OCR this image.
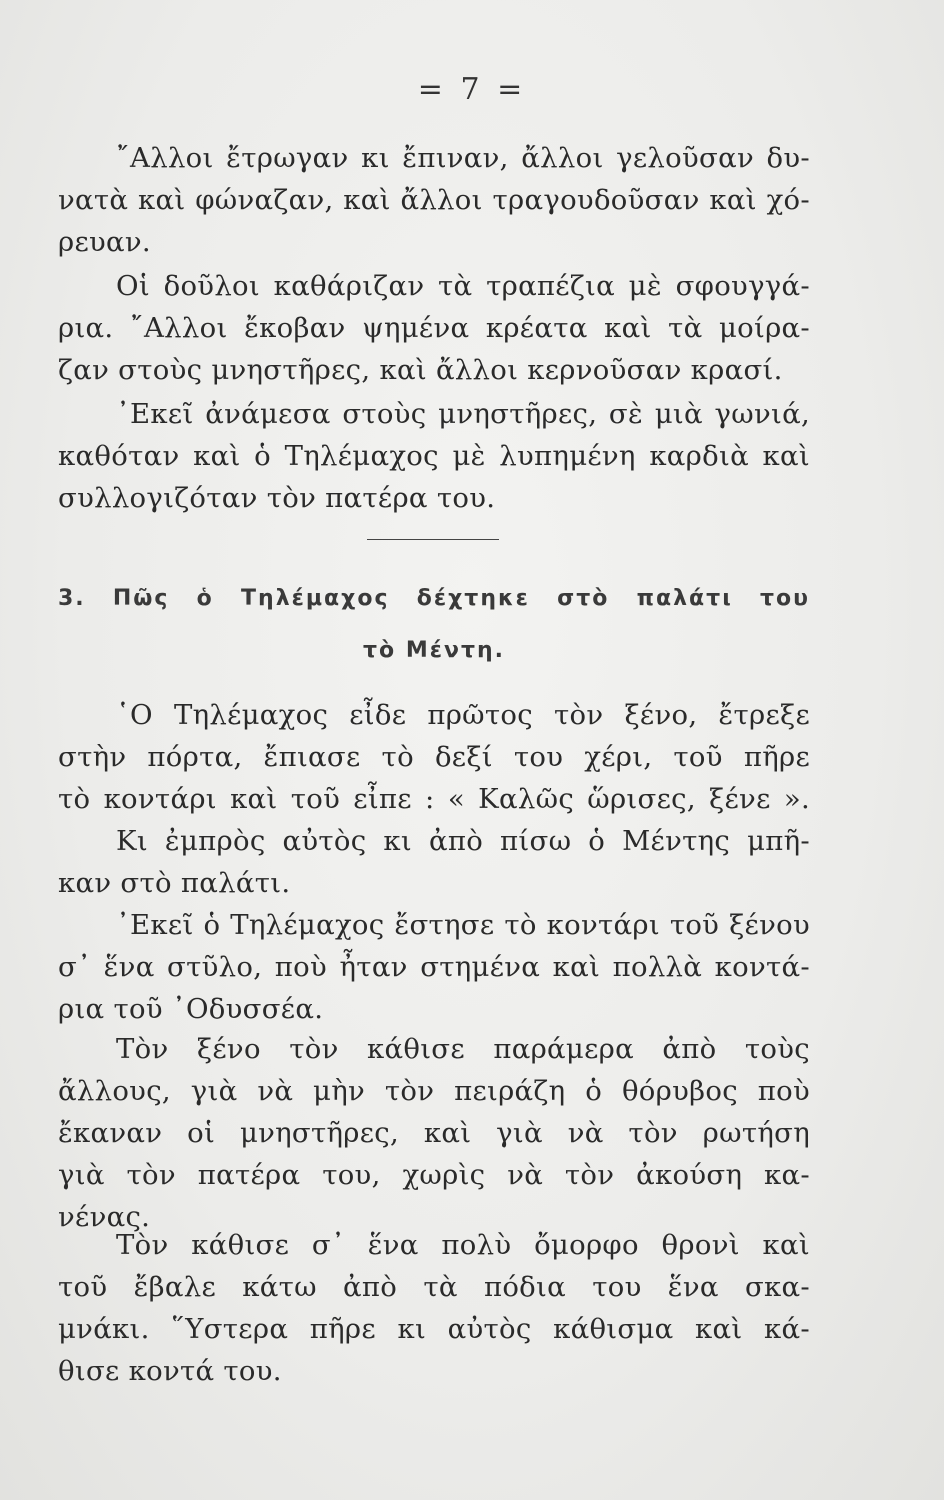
= 7 =
῎Αλλοι ἔτρωγαν κι ἔπιναν, ἄλλοι γελοῦσαν δυ-
νατὰ καὶ φώναζαν, καὶ ἄλλοι τραγουδοῦσαν καὶ χό-
ρευαν.
Οἱ δοῦλοι καθάριζαν τὰ τραπέζια μὲ σφουγγά-
ρια. ῎Αλλοι ἔκοβαν ψημένα κρέατα καὶ τὰ μοίρα-
ζαν στοὺς μνηστῆρες, καὶ ἄλλοι κερνοῦσαν κρασί.
᾿Εκεῖ ἀνάμεσα στοὺς μνηστῆρες, σὲ μιὰ γωνιά,
καθόταν καὶ ὁ Τηλέμαχος μὲ λυπημένη καρδιὰ καὶ
συλλογιζόταν τὸν πατέρα του.
3. Πῶς ὁ Τηλέμαχος δέχτηκε στὸ παλάτι του
τὸ Μέντη.
῾Ο Τηλέμαχος εἶδε πρῶτος τὸν ξένο, ἔτρεξε
στὴν πόρτα, ἔπιασε τὸ δεξί του χέρι, τοῦ πῆρε
τὸ κοντάρι καὶ τοῦ εἶπε : « Καλῶς ὥρισες, ξένε ».
Κι ἐμπρὸς αὐτὸς κι ἀπὸ πίσω ὁ Μέντης μπῆ-
καν στὸ παλάτι.
᾿Εκεῖ ὁ Τηλέμαχος ἔστησε τὸ κοντάρι τοῦ ξένου
σ᾿ ἕνα στῦλο, ποὺ ἦταν στημένα καὶ πολλὰ κοντά-
ρια τοῦ ᾿Οδυσσέα.
Τὸν ξένο τὸν κάθισε παράμερα ἀπὸ τοὺς
ἄλλους, γιὰ νὰ μὴν τὸν πειράζη ὁ θόρυβος ποὺ
ἔκαναν οἱ μνηστῆρες, καὶ γιὰ νὰ τὸν ρωτήση
γιὰ τὸν πατέρα του, χωρὶς νὰ τὸν ἀκούση κα-
νένας.
Τὸν κάθισε σ᾿ ἕνα πολὺ ὄμορφο θρονὶ καὶ
τοῦ ἔβαλε κάτω ἀπὸ τὰ πόδια του ἕνα σκα-
μνάκι. ῞Υστερα πῆρε κι αὐτὸς κάθισμα καὶ κά-
θισε κοντά του.
